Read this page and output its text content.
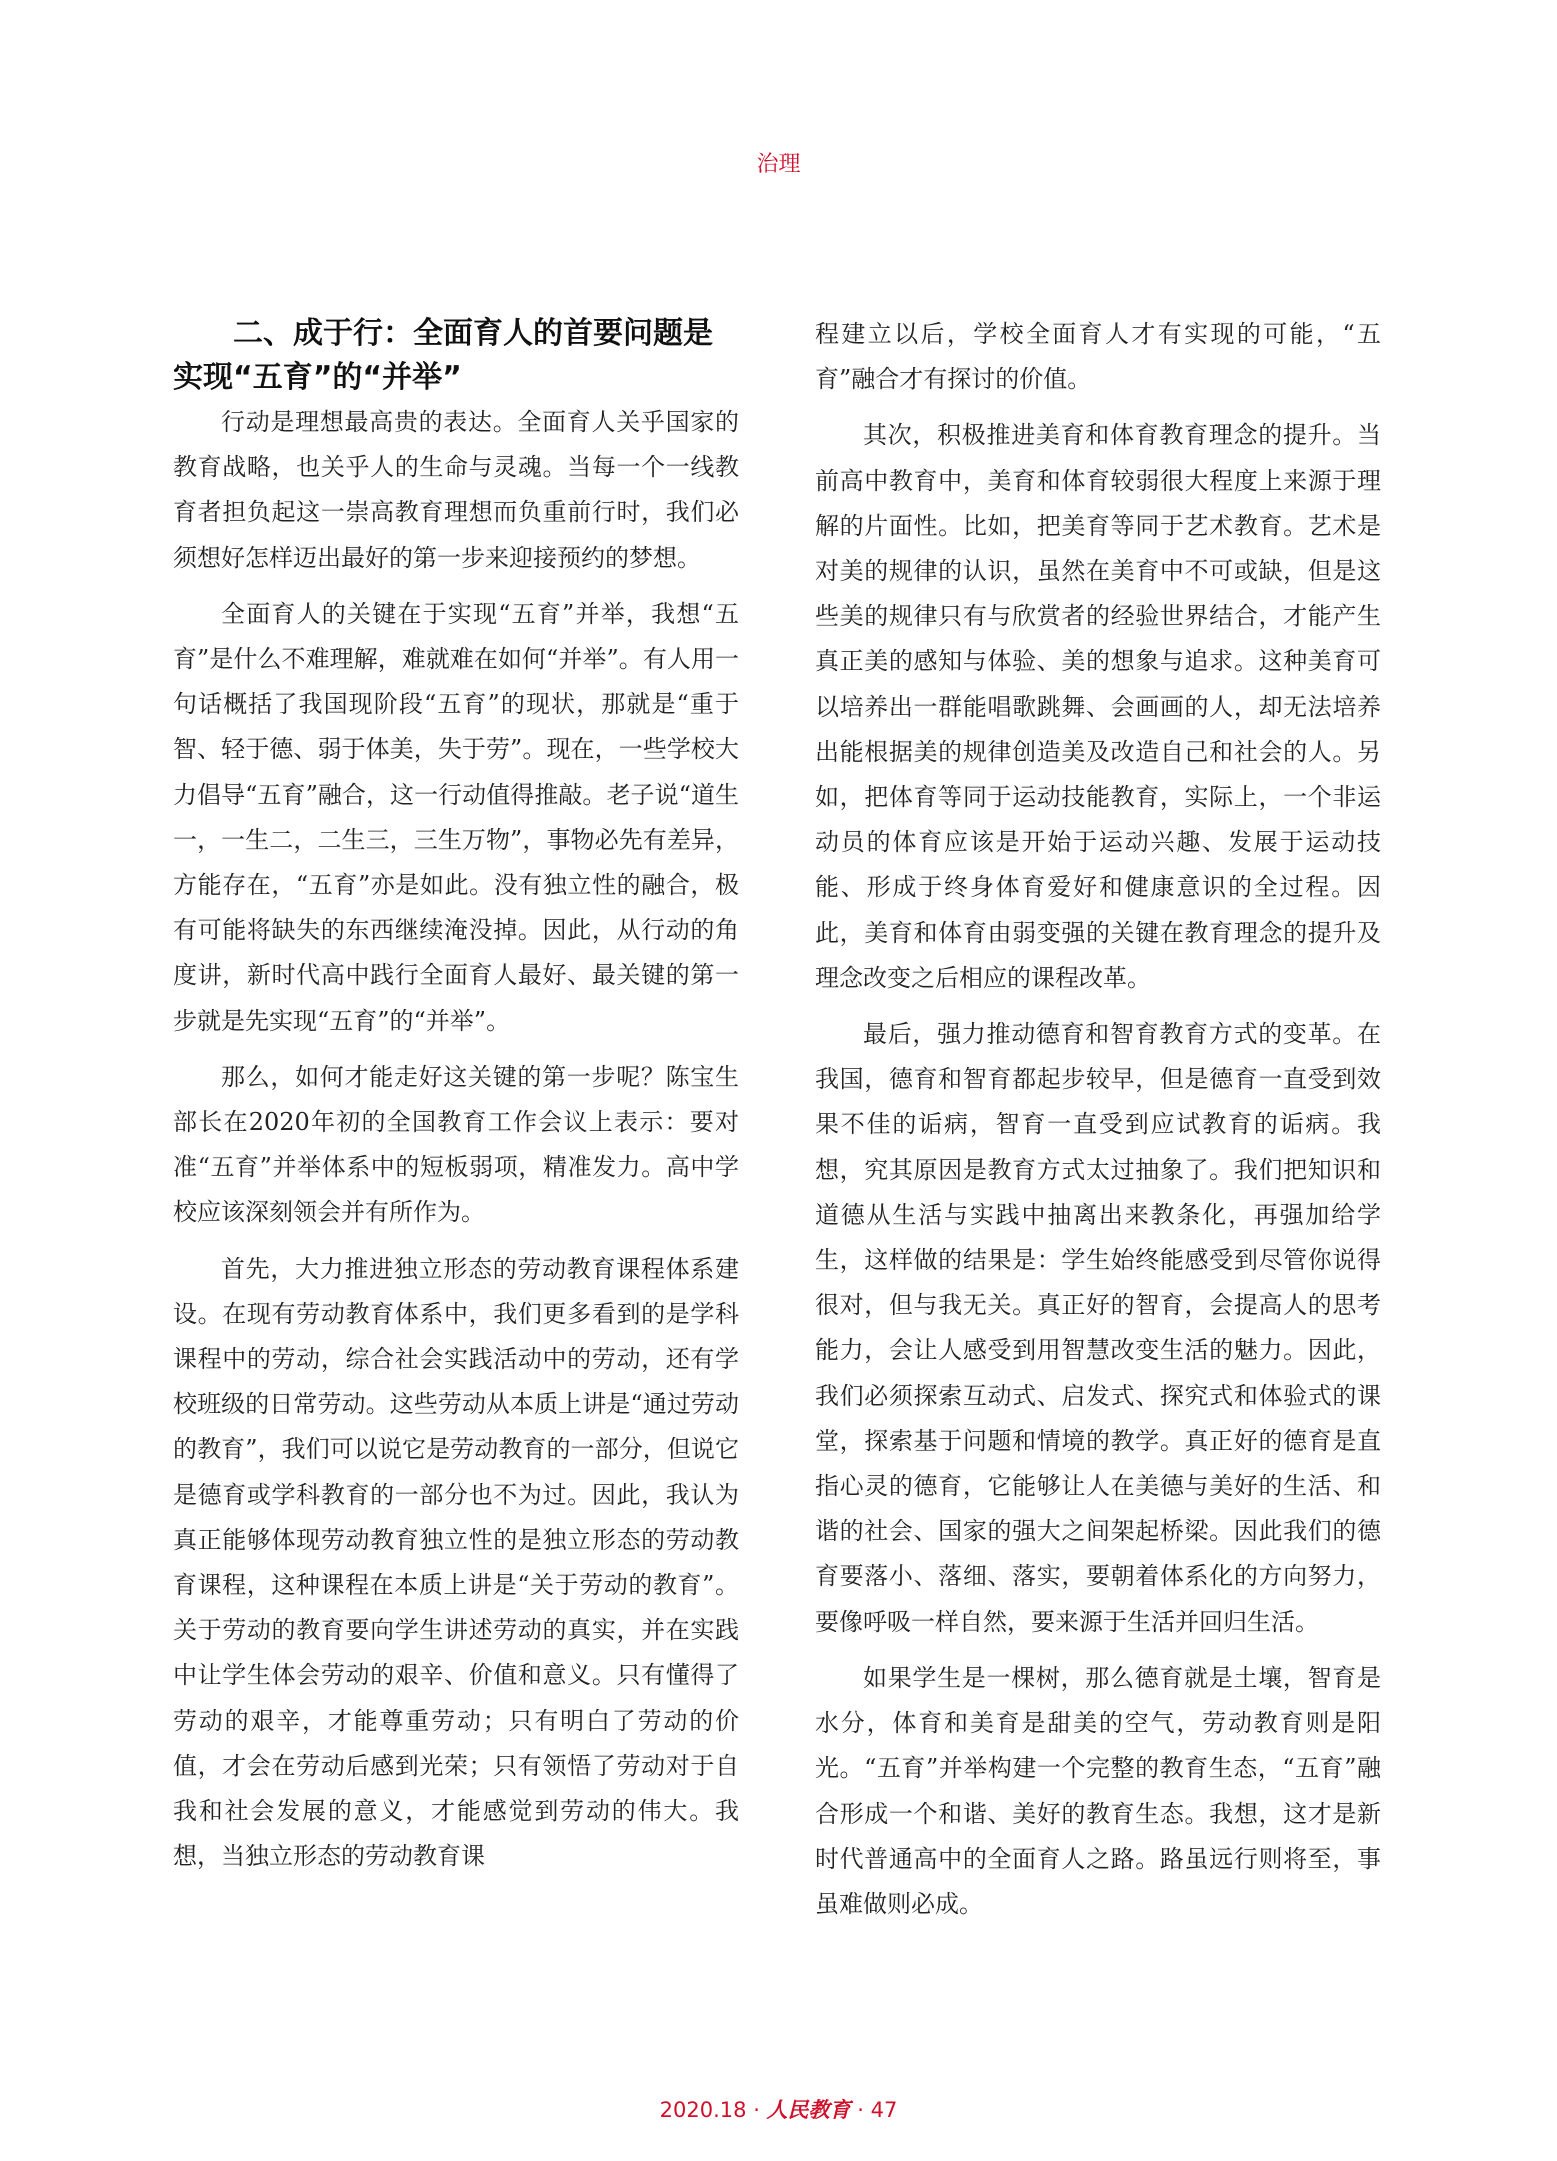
治理
二、成于行：全面育人的首要问题是实现“五育”的“并举”

行动是理想最高贵的表达。全面育人关乎国家的教育战略，也关乎人的生命与灵魂。当每一个一线教育者担负起这一崇高教育理想而负重前行时，我们必须想好怎样迈出最好的第一步来迎接预约的梦想。

全面育人的关键在于实现“五育”并举，我想“五育”是什么不难理解，难就难在如何“并举”。有人用一句话概括了我国现阶段“五育”的现状，那就是“重于智、轻于德、弱于体美，失于劳”。现在，一些学校大力倡导“五育”融合，这一行动值得推敲。老子说“道生一，一生二，二生三，三生万物”，事物必先有差异，方能存在，“五育”亦是如此。没有独立性的融合，极有可能将缺失的东西继续淹没掉。因此，从行动的角度讲，新时代高中践行全面育人最好、最关键的第一步就是先实现“五育”的“并举”。

那么，如何才能走好这关键的第一步呢？陈宝生部长在2020年初的全国教育工作会议上表示：要对准“五育”并举体系中的短板弱项，精准发力。高中学校应该深刻领会并有所作为。

首先，大力推进独立形态的劳动教育课程体系建设。在现有劳动教育体系中，我们更多看到的是学科课程中的劳动，综合社会实践活动中的劳动，还有学校班级的日常劳动。这些劳动从本质上讲是“通过劳动的教育”，我们可以说它是劳动教育的一部分，但说它是德育或学科教育的一部分也不为过。因此，我认为真正能够体现劳动教育独立性的是独立形态的劳动教育课程，这种课程在本质上讲是“关于劳动的教育”。关于劳动的教育要向学生讲述劳动的真实，并在实践中让学生体会劳动的艰辛、价值和意义。只有懂得了劳动的艰辛，才能尊重劳动；只有明白了劳动的价值，才会在劳动后感到光荣；只有领悟了劳动对于自我和社会发展的意义，才能感觉到劳动的伟大。我想，当独立形态的劳动教育课

程建立以后，学校全面育人才有实现的可能，“五育”融合才有探讨的价值。

其次，积极推进美育和体育教育理念的提升。当前高中教育中，美育和体育较弱很大程度上来源于理解的片面性。比如，把美育等同于艺术教育。艺术是对美的规律的认识，虽然在美育中不可或缺，但是这些美的规律只有与欣赏者的经验世界结合，才能产生真正美的感知与体验、美的想象与追求。这种美育可以培养出一群能唱歌跳舞、会画画的人，却无法培养出能根据美的规律创造美及改造自己和社会的人。另如，把体育等同于运动技能教育，实际上，一个非运动员的体育应该是开始于运动兴趣、发展于运动技能、形成于终身体育爱好和健康意识的全过程。因此，美育和体育由弱变强的关键在教育理念的提升及理念改变之后相应的课程改革。

最后，强力推动德育和智育教育方式的变革。在我国，德育和智育都起步较早，但是德育一直受到效果不佳的诟病，智育一直受到应试教育的诟病。我想，究其原因是教育方式太过抽象了。我们把知识和道德从生活与实践中抽离出来教条化，再强加给学生，这样做的结果是：学生始终能感受到尽管你说得很对，但与我无关。真正好的智育，会提高人的思考能力，会让人感受到用智慧改变生活的魅力。因此，我们必须探索互动式、启发式、探究式和体验式的课堂，探索基于问题和情境的教学。真正好的德育是直指心灵的德育，它能够让人在美德与美好的生活、和谐的社会、国家的强大之间架起桥梁。因此我们的德育要落小、落细、落实，要朝着体系化的方向努力，要像呼吸一样自然，要来源于生活并回归生活。

如果学生是一棵树，那么德育就是土壤，智育是水分，体育和美育是甜美的空气，劳动教育则是阳光。“五育”并举构建一个完整的教育生态，“五育”融合形成一个和谐、美好的教育生态。我想，这才是新时代普通高中的全面育人之路。路虽远行则将至，事虽难做则必成。

2020.18 · 人民教育 · 47
